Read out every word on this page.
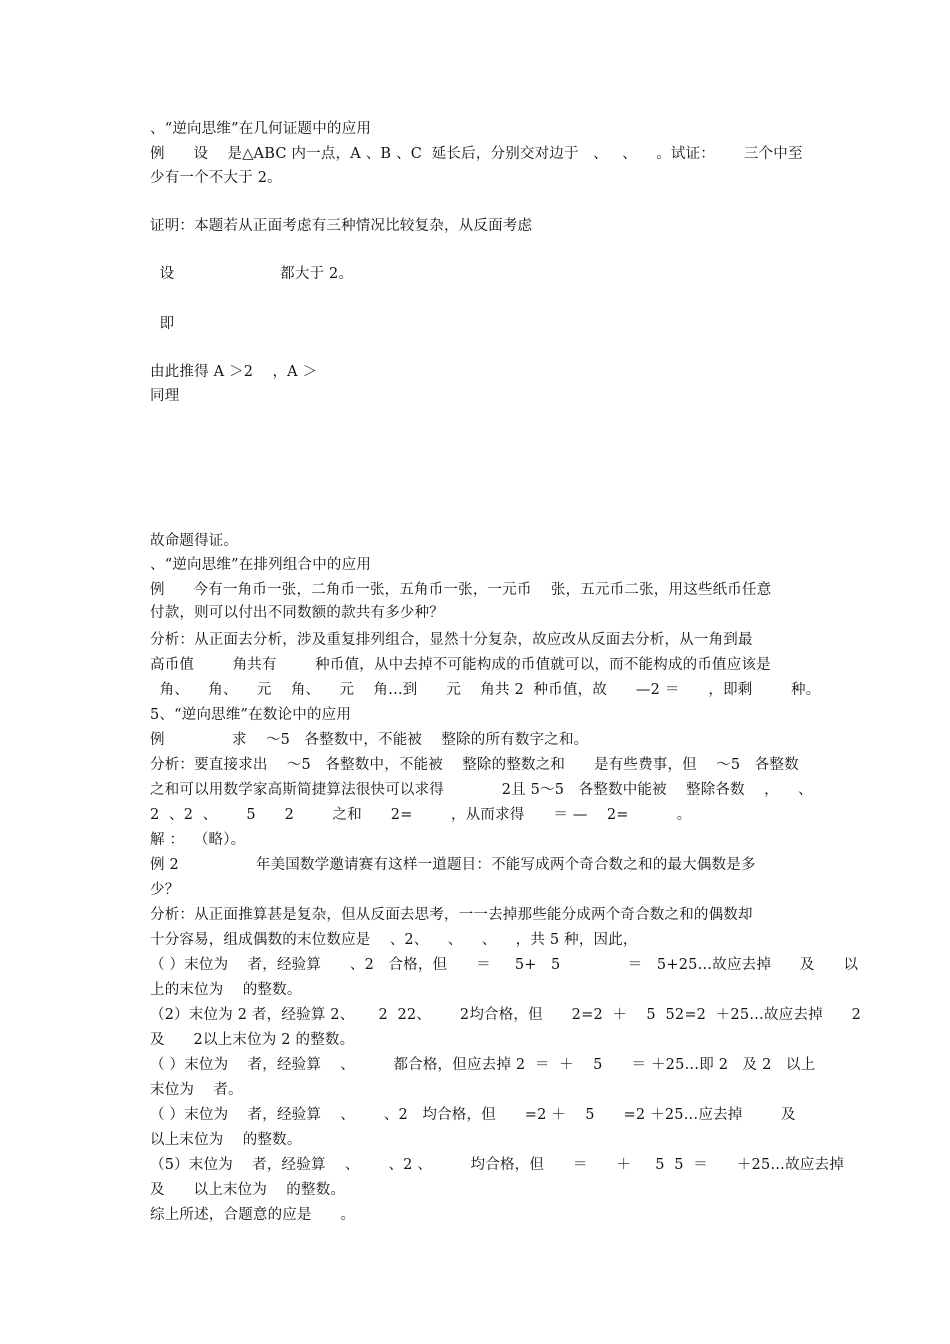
、“逆向思维”在几何证题中的应用
例      设    是△ABC 内一点，A 、B 、C  延长后，分别交对边于   、   、    。试证：      三个中至
少有一个不大于 2。
证明：本题若从正面考虑有三种情况比较复杂，从反面考虑
设                      都大于 2。
即
由此推得 A ＞2    ，A ＞
同理
故命题得证。
、“逆向思维”在排列组合中的应用
例      今有一角币一张，二角币一张，五角币一张，一元币    张，五元币二张，用这些纸币任意
付款，则可以付出不同数额的款共有多少种？
分析：从正面去分析，涉及重复排列组合，显然十分复杂，故应改从反面去分析，从一角到最
高币值        角共有        种币值，从中去掉不可能构成的币值就可以，而不能构成的币值应该是
角、    角、    元    角、    元    角…到      元    角共 2  种币值，故      —2 ＝      ，即剩        种。
5、“逆向思维”在数论中的应用
例              求    ～5   各整数中，不能被    整除的所有数字之和。
分析：要直接求出    ～5   各整数中，不能被    整除的整数之和      是有些费事，但    ～5   各整数
之和可以用数学家高斯简捷算法很快可以求得            2且 5～5   各整数中能被    整除各数    ，    、
2  、2  、      5      2        之和      2=        ，从而求得      ＝ —    2=          。
解 ：  （略）。
例 2                年美国数学邀请赛有这样一道题目：不能写成两个奇合数之和的最大偶数是多
少？
分析：从正面推算甚是复杂，但从反面去思考，一一去掉那些能分成两个奇合数之和的偶数却
十分容易，组成偶数的末位数应是    、2、    、    、    ，共 5 种，因此，
（ ）末位为    者，经验算      、2   合格，但      ＝     5+   5              ＝   5+25…故应去掉      及      以
上的末位为    的整数。
（2）末位为 2 者，经验算 2、     2  22、      2均合格，但      2=2  ＋    5  52=2  ＋25…故应去掉      2
及      2以上末位为 2 的整数。
（ ）末位为    者，经验算    、        都合格，但应去掉 2  ＝  ＋    5      ＝ ＋25…即 2   及 2   以上
末位为    者。
（ ）末位为    者，经验算    、      、2   均合格，但      =2 ＋    5      =2 ＋25…应去掉        及
以上末位为    的整数。
（5）末位为    者，经验算    、      、2 、        均合格，但      ＝      ＋     5  5  ＝      ＋25…故应去掉
及      以上末位为    的整数。
综上所述，合题意的应是      。
